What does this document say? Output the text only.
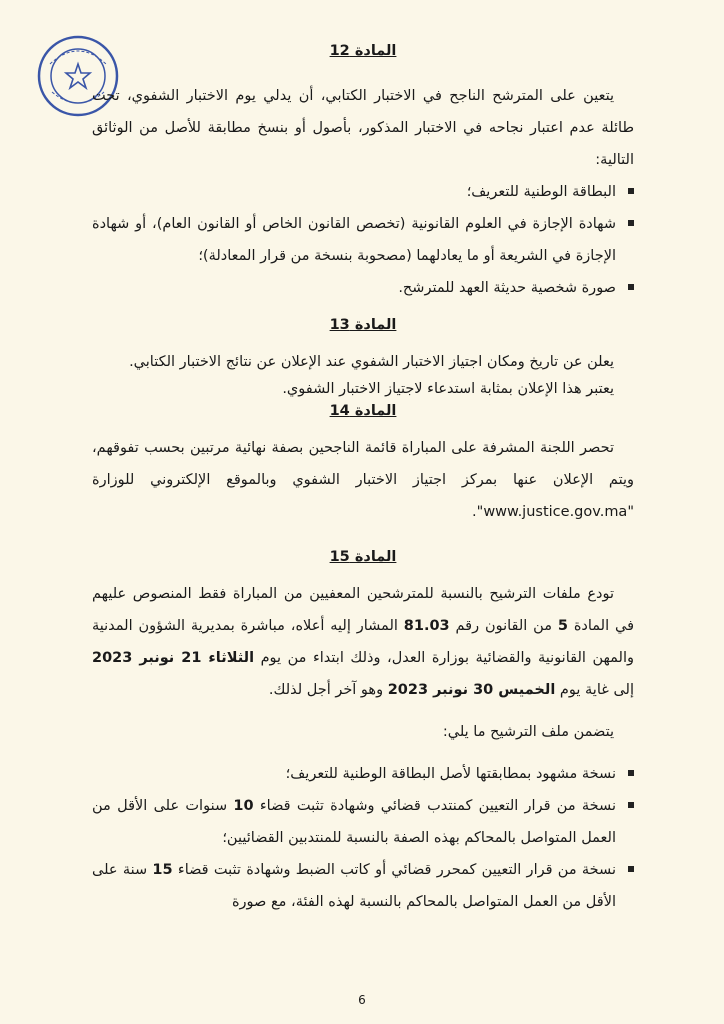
المادة 12

يتعين على المترشح الناجح في الاختبار الكتابي، أن يدلي يوم الاختبار الشفوي، تحت طائلة عدم اعتبار نجاحه في الاختبار المذكور، بأصول أو بنسخ مطابقة للأصل من الوثائق التالية:

البطاقة الوطنية للتعريف؛
شهادة الإجازة في العلوم القانونية (تخصص القانون الخاص أو القانون العام)، أو شهادة الإجازة في الشريعة أو ما يعادلهما (مصحوبة بنسخة من قرار المعادلة)؛
صورة شخصية حديثة العهد للمترشح.
المادة 13

يعلن عن تاريخ ومكان اجتياز الاختبار الشفوي عند الإعلان عن نتائج الاختبار الكتابي.

يعتبر هذا الإعلان بمثابة استدعاء لاجتياز الاختبار الشفوي.

المادة 14

تحصر اللجنة المشرفة على المباراة قائمة الناجحين بصفة نهائية مرتبين بحسب تفوقهم، ويتم الإعلان عنها بمركز اجتياز الاختبار الشفوي وبالموقع الإلكتروني للوزارة "www.justice.gov.ma".

المادة 15

تودع ملفات الترشيح بالنسبة للمترشحين المعفيين من المباراة فقط المنصوص عليهم في المادة 5 من القانون رقم 81.03 المشار إليه أعلاه، مباشرة بمديرية الشؤون المدنية والمهن القانونية والقضائية بوزارة العدل، وذلك ابتداء من يوم الثلاثاء 21 نونبر 2023 إلى غاية يوم الخميس 30 نونبر 2023 وهو آخر أجل لذلك.

يتضمن ملف الترشيح ما يلي:

نسخة مشهود بمطابقتها لأصل البطاقة الوطنية للتعريف؛
نسخة من قرار التعيين كمنتدب قضائي وشهادة تثبت قضاء 10 سنوات على الأقل من العمل المتواصل بالمحاكم بهذه الصفة بالنسبة للمنتدبين القضائيين؛
نسخة من قرار التعيين كمحرر قضائي أو كاتب الضبط وشهادة تثبت قضاء 15 سنة على الأقل من العمل المتواصل بالمحاكم بالنسبة لهذه الفئة، مع صورة
6
